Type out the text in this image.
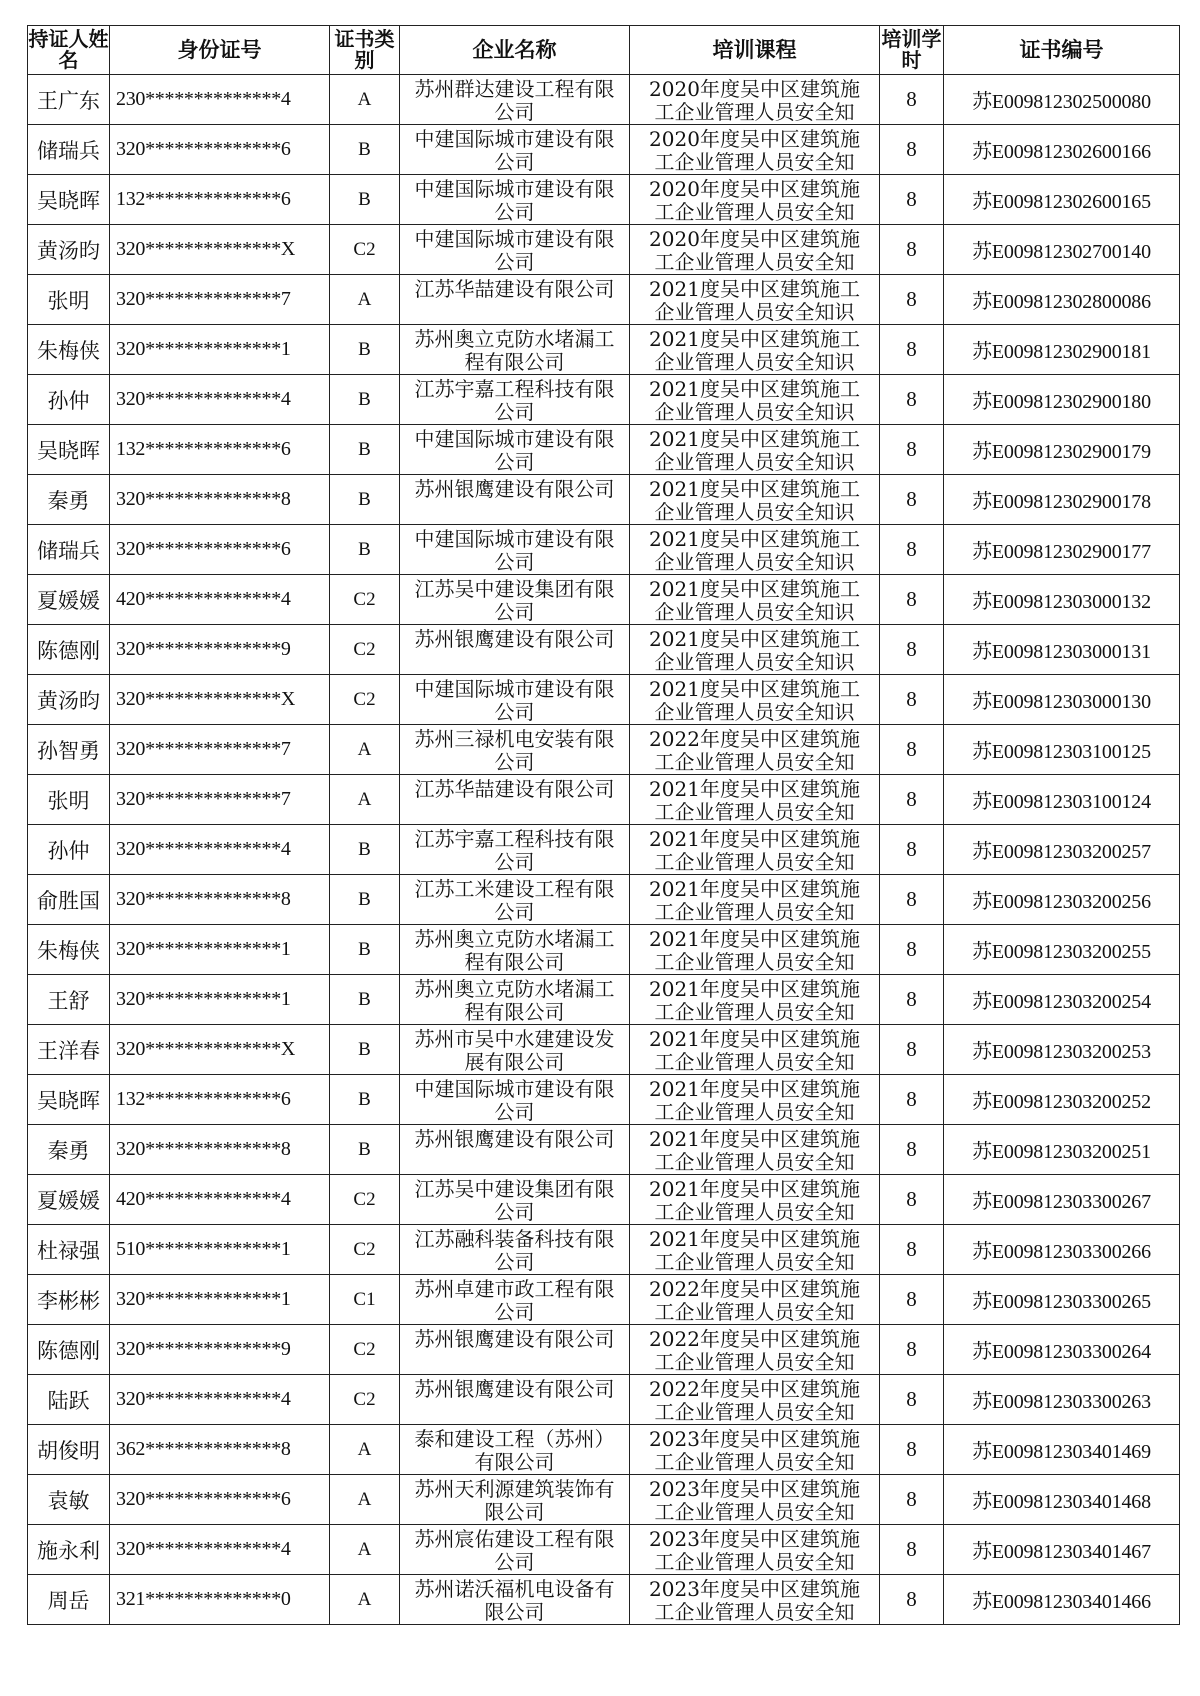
持证人姓名	身份证号	证书类别	企业名称	培训课程	培训学时	证书编号
王广东	230**************4	A	苏州群达建设工程有限公司	2020年度吴中区建筑施工企业管理人员安全知	8	苏E009812302500080
储瑞兵	320**************6	B	中建国际城市建设有限公司	2020年度吴中区建筑施工企业管理人员安全知	8	苏E009812302600166
吴晓晖	132**************6	B	中建国际城市建设有限公司	2020年度吴中区建筑施工企业管理人员安全知	8	苏E009812302600165
黄汤昀	320**************X	C2	中建国际城市建设有限公司	2020年度吴中区建筑施工企业管理人员安全知	8	苏E009812302700140
张明	320**************7	A	江苏华喆建设有限公司	2021度吴中区建筑施工企业管理人员安全知识	8	苏E009812302800086
朱梅侠	320**************1	B	苏州奥立克防水堵漏工程有限公司	2021度吴中区建筑施工企业管理人员安全知识	8	苏E009812302900181
孙仲	320**************4	B	江苏宇嘉工程科技有限公司	2021度吴中区建筑施工企业管理人员安全知识	8	苏E009812302900180
吴晓晖	132**************6	B	中建国际城市建设有限公司	2021度吴中区建筑施工企业管理人员安全知识	8	苏E009812302900179
秦勇	320**************8	B	苏州银鹰建设有限公司	2021度吴中区建筑施工企业管理人员安全知识	8	苏E009812302900178
储瑞兵	320**************6	B	中建国际城市建设有限公司	2021度吴中区建筑施工企业管理人员安全知识	8	苏E009812302900177
夏媛媛	420**************4	C2	江苏吴中建设集团有限公司	2021度吴中区建筑施工企业管理人员安全知识	8	苏E009812303000132
陈德刚	320**************9	C2	苏州银鹰建设有限公司	2021度吴中区建筑施工企业管理人员安全知识	8	苏E009812303000131
黄汤昀	320**************X	C2	中建国际城市建设有限公司	2021度吴中区建筑施工企业管理人员安全知识	8	苏E009812303000130
孙智勇	320**************7	A	苏州三禄机电安装有限公司	2022年度吴中区建筑施工企业管理人员安全知	8	苏E009812303100125
张明	320**************7	A	江苏华喆建设有限公司	2021年度吴中区建筑施工企业管理人员安全知	8	苏E009812303100124
孙仲	320**************4	B	江苏宇嘉工程科技有限公司	2021年度吴中区建筑施工企业管理人员安全知	8	苏E009812303200257
俞胜国	320**************8	B	江苏工米建设工程有限公司	2021年度吴中区建筑施工企业管理人员安全知	8	苏E009812303200256
朱梅侠	320**************1	B	苏州奥立克防水堵漏工程有限公司	2021年度吴中区建筑施工企业管理人员安全知	8	苏E009812303200255
王舒	320**************1	B	苏州奥立克防水堵漏工程有限公司	2021年度吴中区建筑施工企业管理人员安全知	8	苏E009812303200254
王洋春	320**************X	B	苏州市吴中水建建设发展有限公司	2021年度吴中区建筑施工企业管理人员安全知	8	苏E009812303200253
吴晓晖	132**************6	B	中建国际城市建设有限公司	2021年度吴中区建筑施工企业管理人员安全知	8	苏E009812303200252
秦勇	320**************8	B	苏州银鹰建设有限公司	2021年度吴中区建筑施工企业管理人员安全知	8	苏E009812303200251
夏媛媛	420**************4	C2	江苏吴中建设集团有限公司	2021年度吴中区建筑施工企业管理人员安全知	8	苏E009812303300267
杜禄强	510**************1	C2	江苏融科装备科技有限公司	2021年度吴中区建筑施工企业管理人员安全知	8	苏E009812303300266
李彬彬	320**************1	C1	苏州卓建市政工程有限公司	2022年度吴中区建筑施工企业管理人员安全知	8	苏E009812303300265
陈德刚	320**************9	C2	苏州银鹰建设有限公司	2022年度吴中区建筑施工企业管理人员安全知	8	苏E009812303300264
陆跃	320**************4	C2	苏州银鹰建设有限公司	2022年度吴中区建筑施工企业管理人员安全知	8	苏E009812303300263
胡俊明	362**************8	A	泰和建设工程（苏州）有限公司	2023年度吴中区建筑施工企业管理人员安全知	8	苏E009812303401469
袁敏	320**************6	A	苏州天利源建筑装饰有限公司	2023年度吴中区建筑施工企业管理人员安全知	8	苏E009812303401468
施永利	320**************4	A	苏州宸佑建设工程有限公司	2023年度吴中区建筑施工企业管理人员安全知	8	苏E009812303401467
周岳	321**************0	A	苏州诺沃福机电设备有限公司	2023年度吴中区建筑施工企业管理人员安全知	8	苏E009812303401466
